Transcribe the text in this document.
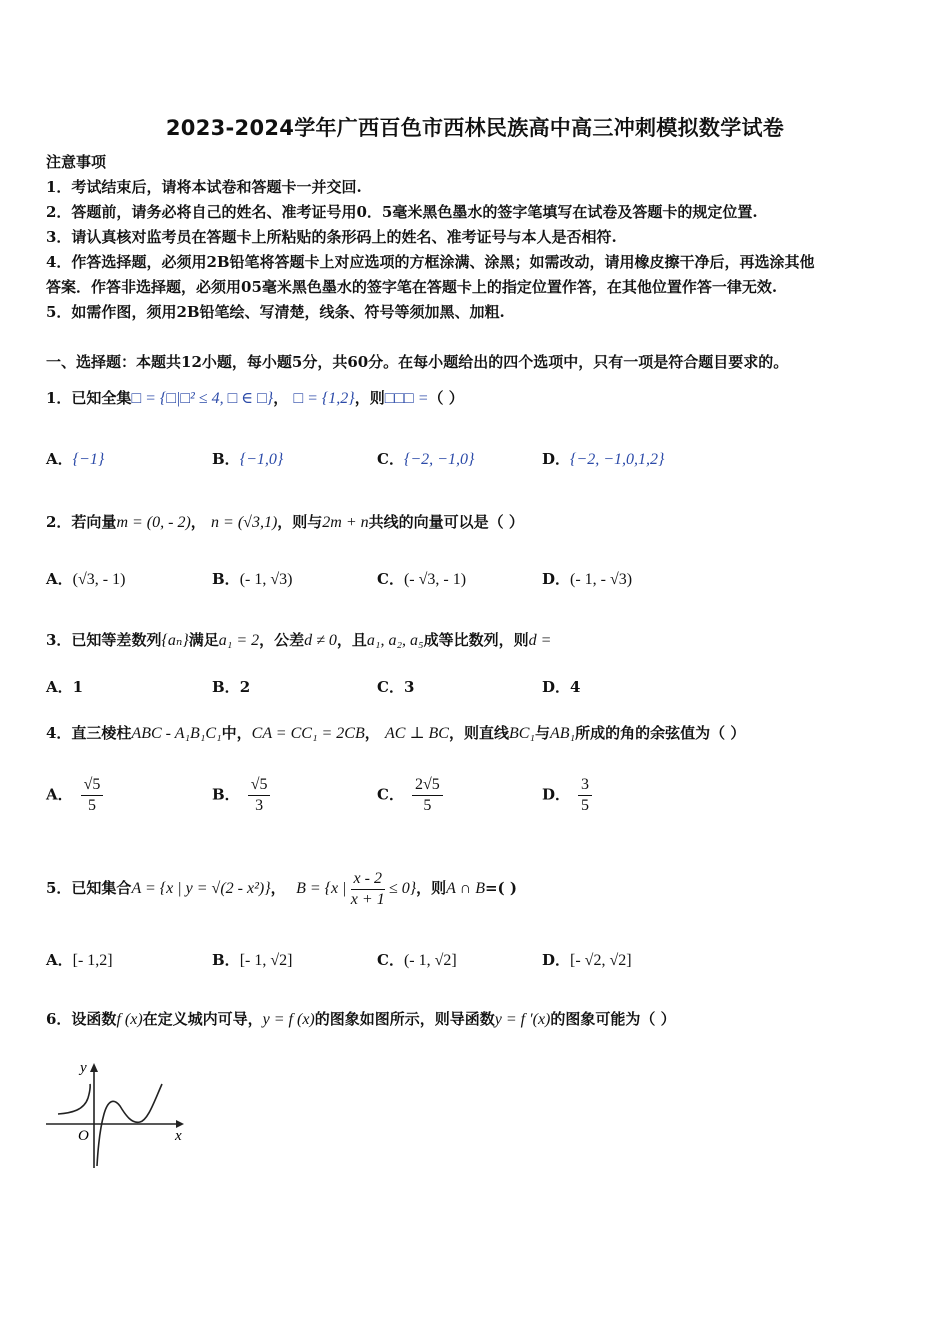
2023-2024学年广西百色市西林民族高中高三冲刺模拟数学试卷
注意事项
1．考试结束后，请将本试卷和答题卡一并交回.
2．答题前，请务必将自己的姓名、准考证号用0．5毫米黑色墨水的签字笔填写在试卷及答题卡的规定位置.
3．请认真核对监考员在答题卡上所粘贴的条形码上的姓名、准考证号与本人是否相符.
4．作答选择题，必须用2B铅笔将答题卡上对应选项的方框涂满、涂黑；如需改动，请用橡皮擦干净后，再选涂其他
答案．作答非选择题，必须用05毫米黑色墨水的签字笔在答题卡上的指定位置作答，在其他位置作答一律无效.
5．如需作图，须用2B铅笔绘、写清楚，线条、符号等须加黑、加粗.
一、选择题：本题共12小题，每小题5分，共60分。在每小题给出的四个选项中，只有一项是符合题目要求的。
1．已知全集□ = {□|□² ≤ 4, □ ∈ □}， □ = {1,2}，则□□□ =（ ）
A．{−1}	B．{−1,0}	C．{−2, −1,0}	D．{−2, −1,0,1,2}
2．若向量m = (0, - 2)， n = (√3,1)，则与2m + n共线的向量可以是（ ）
A．(√3, - 1)	B．(- 1, √3)	C．(- √3, - 1)	D．(- 1, - √3)
3．已知等差数列{aₙ}满足a₁ = 2，公差d ≠ 0，且a₁, a₂, a₅成等比数列，则d =
A．1	B．2	C．3	D．4
4．直三棱柱ABC - A₁B₁C₁中，CA = CC₁ = 2CB， AC ⊥ BC，则直线BC₁与AB₁所成的角的余弦值为（ ）
A． $\frac{√5}{5}$	B． $\frac{√5}{3}$	C． $\frac{2√5}{5}$	D． $\frac{3}{5}$
5．已知集合A = {x | y = √(2 - x²)}， B = {x | $\frac{x - 2}{x + 1} \le 0$}，则A ∩ B=( )
A．[- 1,2]	B．[- 1, √2]	C．(- 1, √2]	D．[- √2, √2]
6．设函数f (x)在定义城内可导，y = f (x)的图象如图所示，则导函数y = f ′(x)的图象可能为（ ）
y
x
O
